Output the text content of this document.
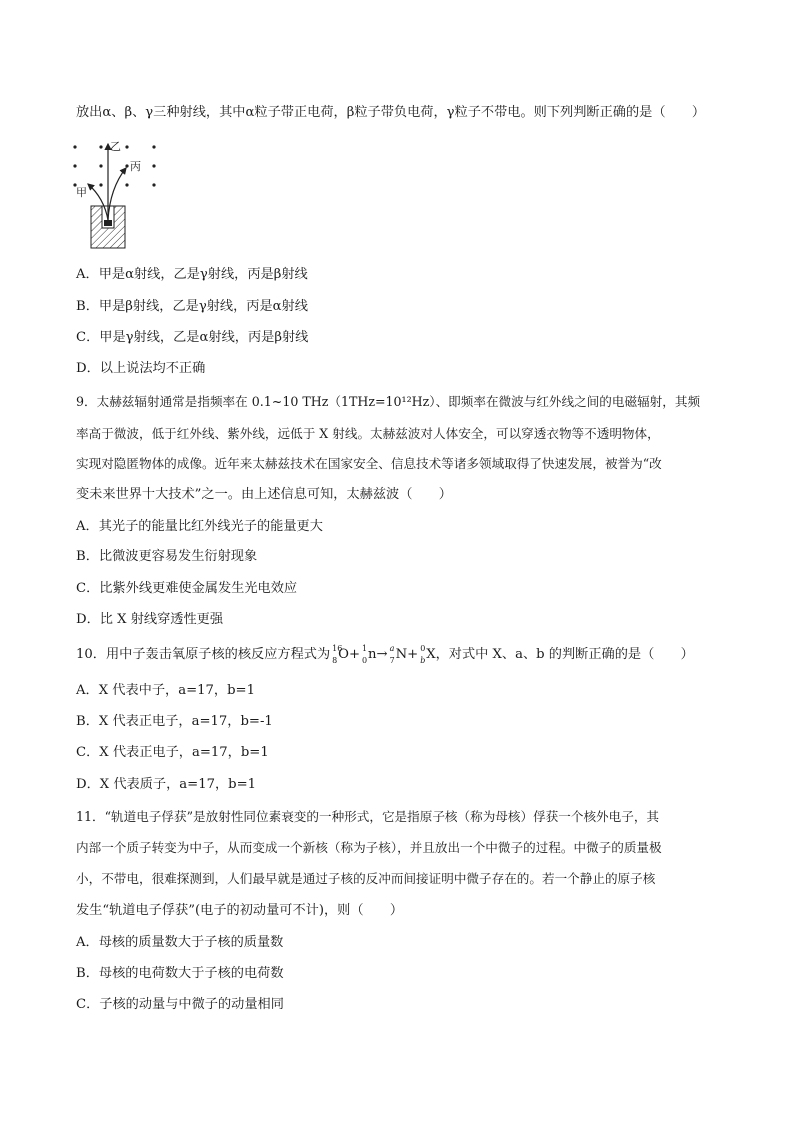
放出α、β、γ三种射线，其中α粒子带正电荷，β粒子带负电荷，γ粒子不带电。则下列判断正确的是（　　）
乙
丙
甲
A．甲是α射线，乙是γ射线，丙是β射线
B．甲是β射线，乙是γ射线，丙是α射线
C．甲是γ射线，乙是α射线，丙是β射线
D．以上说法均不正确
9．太赫兹辐射通常是指频率在 0.1~10 THz（1THz=10¹²Hz）、即频率在微波与红外线之间的电磁辐射，其频
率高于微波，低于红外线、紫外线，远低于 X 射线。太赫兹波对人体安全，可以穿透衣物等不透明物体，
实现对隐匿物体的成像。近年来太赫兹技术在国家安全、信息技术等诸多领域取得了快速发展，被誉为“改
变未来世界十大技术”之一。由上述信息可知，太赫兹波（　　）
A．其光子的能量比红外线光子的能量更大
B．比微波更容易发生衍射现象
C．比紫外线更难使金属发生光电效应
D．比 X 射线穿透性更强
10．用中子轰击氧原子核的核反应方程式为 16
8 O+ 1
0 n→ a
7 N+ 0
b X，对式中 X、a、b 的判断正确的是（　　）
A．X 代表中子，a=17，b=1
B．X 代表正电子，a=17，b=-1
C．X 代表正电子，a=17，b=1
D．X 代表质子，a=17，b=1
11．“轨道电子俘获”是放射性同位素衰变的一种形式，它是指原子核（称为母核）俘获一个核外电子，其
内部一个质子转变为中子，从而变成一个新核（称为子核），并且放出一个中微子的过程。中微子的质量极
小，不带电，很难探测到，人们最早就是通过子核的反冲而间接证明中微子存在的。若一个静止的原子核
发生“轨道电子俘获”(电子的初动量可不计)，则（　　）
A．母核的质量数大于子核的质量数
B．母核的电荷数大于子核的电荷数
C．子核的动量与中微子的动量相同
